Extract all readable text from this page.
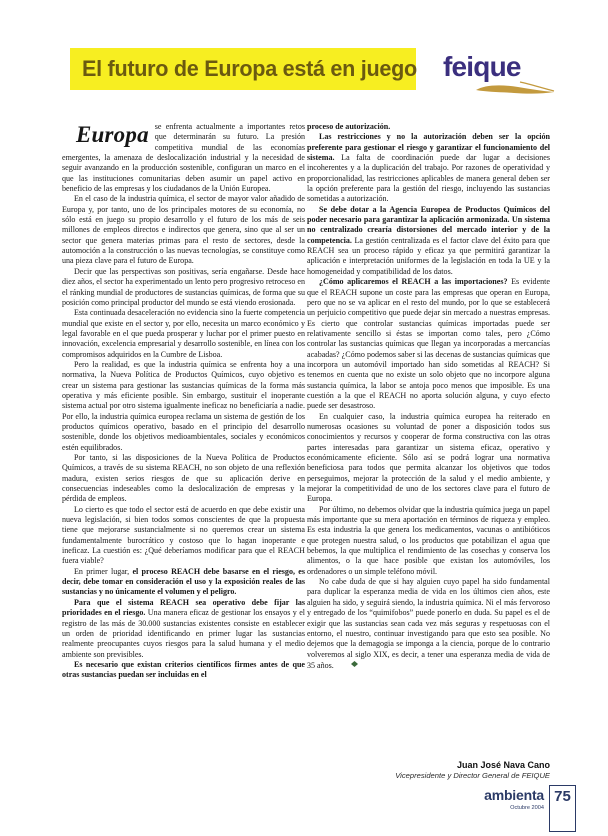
El futuro de Europa está en juego feique

Europa se enfrenta actualmente a importantes retos que determinarán su futuro. La presión competitiva mundial de las economías emergentes, la amenaza de deslocalización industrial y la necesidad de seguir avanzando en la producción sostenible, configuran un marco en el que las instituciones comunitarias deben asumir un papel activo en beneficio de las empresas y los ciudadanos de la Unión Europea.

En el caso de la industria química, el sector de mayor valor añadido de Europa y, por tanto, uno de los principales motores de su economía, no sólo está en juego su propio desarrollo y el futuro de los más de seis millones de empleos directos e indirectos que genera, sino que al ser un sector que genera materias primas para el resto de sectores, desde la automoción a la construcción o las nuevas tecnologías, se constituye como una pieza clave para el futuro de Europa.

Decir que las perspectivas son positivas, sería engañarse. Desde hace diez años, el sector ha experimentado un lento pero progresivo retroceso en el ránking mundial de productores de sustancias químicas, de forma que su posición como principal productor del mundo se está viendo erosionada.

Esta continuada desaceleración no evidencia sino la fuerte competencia mundial que existe en el sector y, por ello, necesita un marco económico y legal favorable en el que pueda prosperar y luchar por el primer puesto en innovación, excelencia empresarial y desarrollo sostenible, en línea con los compromisos adquiridos en la Cumbre de Lisboa.

Pero la realidad, es que la industria química se enfrenta hoy a una normativa, la Nueva Política de Productos Químicos, cuyo objetivo es crear un sistema para gestionar las sustancias químicas de la forma más operativa y más eficiente posible. Sin embargo, sustituir el inoperante sistema actual por otro sistema igualmente ineficaz no beneficiaría a nadie. Por ello, la industria química europea reclama un sistema de gestión de los productos químicos operativo, basado en el principio del desarrollo sostenible, donde los objetivos medioambientales, sociales y económicos estén equilibrados.

Por tanto, si las disposiciones de la Nueva Política de Productos Químicos, a través de su sistema REACH, no son objeto de una reflexión madura, existen serios riesgos de que su aplicación derive en consecuencias indeseables como la deslocalización de empresas y la pérdida de empleos.

Lo cierto es que todo el sector está de acuerdo en que debe existir una nueva legislación, si bien todos somos conscientes de que la propuesta tiene que mejorarse sustancialmente si no queremos crear un sistema fundamentalmente burocrático y costoso que lo hagan inoperante e ineficaz. La cuestión es: ¿Qué deberíamos modificar para que el REACH fuera viable?

En primer lugar, el proceso REACH debe basarse en el riesgo, es decir, debe tomar en consideración el uso y la exposición reales de las sustancias y no únicamente el volumen y el peligro.

Para que el sistema REACH sea operativo debe fijar las prioridades en el riesgo. Una manera eficaz de gestionar los ensayos y el registro de las más de 30.000 sustancias existentes consiste en establecer un orden de prioridad identificando en primer lugar las sustancias realmente preocupantes cuyos riesgos para la salud humana y el medio ambiente son previsibles.

Es necesario que existan criterios científicos firmes antes de que otras sustancias puedan ser incluidas en el

proceso de autorización.

Las restricciones y no la autorización deben ser la opción preferente para gestionar el riesgo y garantizar el funcionamiento del sistema. La falta de coordinación puede dar lugar a decisiones incoherentes y a la duplicación del trabajo. Por razones de operatividad y proporcionalidad, las restricciones aplicables de manera general deben ser la opción preferente para la gestión del riesgo, incluyendo las sustancias sometidas a autorización.

Se debe dotar a la Agencia Europea de Productos Químicos del poder necesario para garantizar la aplicación armonizada. Un sistema no centralizado crearía distorsiones del mercado interior y de la competencia. La gestión centralizada es el factor clave del éxito para que REACH sea un proceso rápido y eficaz ya que permitirá garantizar la aplicación e interpretación uniformes de la legislación en toda la UE y la homogeneidad y compatibilidad de los datos.

¿Cómo aplicaremos el REACH a las importaciones? Es evidente que el REACH supone un coste para las empresas que operan en Europa, pero que no se va aplicar en el resto del mundo, por lo que se establecerá un perjuicio competitivo que puede dejar sin mercado a nuestras empresas. Es cierto que controlar sustancias químicas importadas puede ser relativamente sencillo si éstas se importan como tales, pero ¿Cómo controlar las sustancias químicas que llegan ya incorporadas a mercancías acabadas? ¿Cómo podemos saber si las decenas de sustancias químicas que incorpora un automóvil importado han sido sometidas al REACH? Si tenemos en cuenta que no existe un solo objeto que no incorpore alguna sustancia química, la labor se antoja poco menos que imposible. Es una cuestión a la que el REACH no aporta solución alguna, y cuyo efecto puede ser desastroso.

En cualquier caso, la industria química europea ha reiterado en numerosas ocasiones su voluntad de poner a disposición todos sus conocimientos y recursos y cooperar de forma constructiva con las otras partes interesadas para garantizar un sistema eficaz, operativo y económicamente eficiente. Sólo así se podrá lograr una normativa beneficiosa para todos que permita alcanzar los objetivos que todos perseguimos, mejorar la protección de la salud y el medio ambiente, y mejorar la competitividad de uno de los sectores clave para el futuro de Europa.

Por último, no debemos olvidar que la industria química juega un papel más importante que su mera aportación en términos de riqueza y empleo. Es esta industria la que genera los medicamentos, vacunas o antibióticos que protegen nuestra salud, o los productos que potabilizan el agua que bebemos, la que multiplica el rendimiento de las cosechas y conserva los alimentos, o la que hace posible que existan los automóviles, los ordenadores o un simple teléfono móvil.

No cabe duda de que si hay alguien cuyo papel ha sido fundamental para duplicar la esperanza media de vida en los últimos cien años, este alguien ha sido, y seguirá siendo, la industria química. Ni el más fervoroso y entregado de los “quimifobos” puede ponerlo en duda. Su papel es el de exigir que las sustancias sean cada vez más seguras y respetuosas con el entorno, el nuestro, continuar investigando para que esto sea posible. No dejemos que la demagogia se imponga a la ciencia, porque de lo contrario volveremos al siglo XIX, es decir, a tener una esperanza media de vida de 35 años.

Juan José Nava Cano
Vicepresidente y Director General de FEIQUE
ambienta
Octubre 2004
75
